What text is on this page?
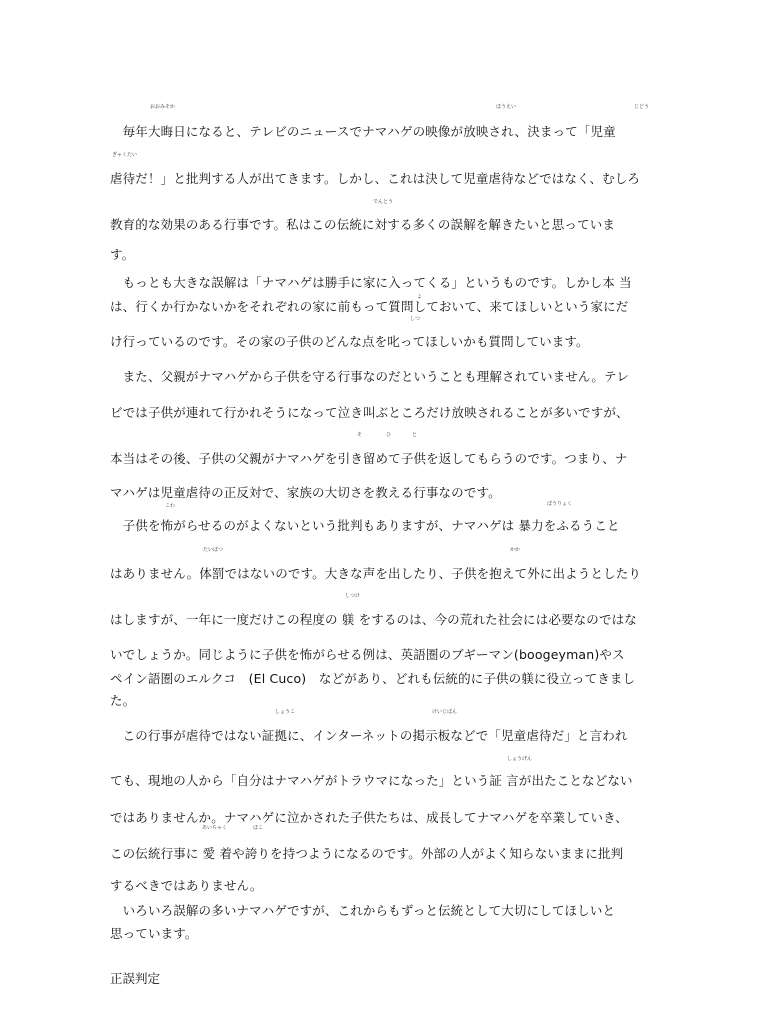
おおみそか	ほうえい	じどう
ぎゃくたい
でんとう
よ
しつ
そ	ひ	と
こわ	ぼうりょく
たいばつ	かか
しつけ
しょうこ	けいじばん
しょうげん
あいちゃく	ほこ
　毎年大晦日になると、テレビのニュースでナマハゲの映像が放映され、決まって「児童
虐待だ！」と批判する人が出てきます。しかし、これは決して児童虐待などではなく、むしろ
教育的な効果のある行事です。私はこの伝統に対する多くの誤解を解きたいと思っていま
す。
　もっとも大きな誤解は「ナマハゲは勝手に家に入ってくる」というものです。しかし本 当
は、行くか行かないかをそれぞれの家に前もって質問しておいて、来てほしいという家にだ
け行っているのです。その家の子供のどんな点を叱ってほしいかも質問しています。
　また、父親がナマハゲから子供を守る行事なのだということも理解されていません。テレ
ビでは子供が連れて行かれそうになって泣き叫ぶところだけ放映されることが多いですが、
本当はその後、子供の父親がナマハゲを引き留めて子供を返してもらうのです。つまり、ナ
マハゲは児童虐待の正反対で、家族の大切さを教える行事なのです。
　子供を怖がらせるのがよくないという批判もありますが、ナマハゲは 暴力をふるうこと
はありません。体罰ではないのです。大きな声を出したり、子供を抱えて外に出ようとしたり
はしますが、一年に一度だけこの程度の 躾 をするのは、今の荒れた社会には必要なのではな
いでしょうか。同じように子供を怖がらせる例は、英語圏のブギーマン(boogeyman)やス
ペイン語圏のエルクコ　(El Cuco)　などがあり、どれも伝統的に子供の躾に役立ってきまし
た。
　この行事が虐待ではない証拠に、インターネットの掲示板などで「児童虐待だ」と言われ
ても、現地の人から「自分はナマハゲがトラウマになった」という証 言が出たことなどない
ではありませんか。ナマハゲに泣かされた子供たちは、成長してナマハゲを卒業していき、
この伝統行事に 愛 着や誇りを持つようになるのです。外部の人がよく知らないままに批判
するべきではありません。
　いろいろ誤解の多いナマハゲですが、これからもずっと伝統として大切にしてほしいと
思っています。
正誤判定
